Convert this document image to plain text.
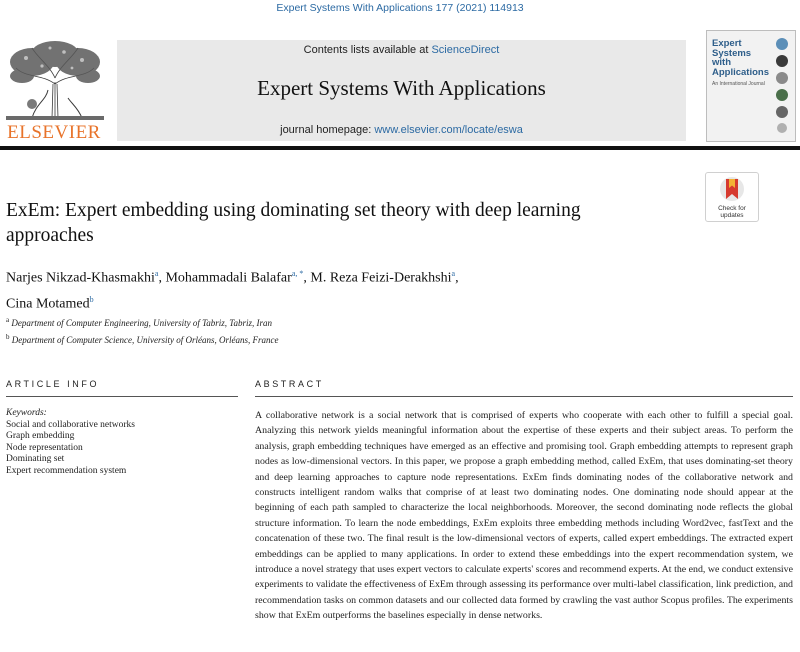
Expert Systems With Applications 177 (2021) 114913
ELSEVIER
Contents lists available at ScienceDirect
Expert Systems With Applications
journal homepage: www.elsevier.com/locate/eswa
Expert Systems with Applications
An International Journal
Check for updates
ExEm: Expert embedding using dominating set theory with deep learning approaches
Narjes Nikzad-Khasmakhi$^a$, Mohammadali Balafar$^{a, *}$, M. Reza Feizi-Derakhshi$^a$,
Cina Motamed$^b$
$^a$ Department of Computer Engineering, University of Tabriz, Tabriz, Iran
$^b$ Department of Computer Science, University of Orléans, Orléans, France
ARTICLE INFO	ABSTRACT
Keywords:
Social and collaborative networks
Graph embedding
Node representation
Dominating set
Expert recommendation system
A collaborative network is a social network that is comprised of experts who cooperate with each other to fulfill a special goal. Analyzing this network yields meaningful information about the expertise of these experts and their subject areas. To perform the analysis, graph embedding techniques have emerged as an effective and promising tool. Graph embedding attempts to represent graph nodes as low-dimensional vectors. In this paper, we propose a graph embedding method, called ExEm, that uses dominating-set theory and deep learning approaches to capture node representations. ExEm finds dominating nodes of the collaborative network and constructs intelligent random walks that comprise of at least two dominating nodes. One dominating node should appear at the beginning of each path sampled to characterize the local neighborhoods. Moreover, the second dominating node reflects the global structure information. To learn the node embeddings, ExEm exploits three embedding methods including Word2vec, fastText and the concatenation of these two. The final result is the low-dimensional vectors of experts, called expert embeddings. The extracted expert embeddings can be applied to many applications. In order to extend these embeddings into the expert recommendation system, we introduce a novel strategy that uses expert vectors to calculate experts' scores and recommend experts. At the end, we conduct extensive experiments to validate the effectiveness of ExEm through assessing its performance over multi-label classification, link prediction, and recommendation tasks on common datasets and our collected data formed by crawling the vast author Scopus profiles. The experiments show that ExEm outperforms the baselines especially in dense networks.
